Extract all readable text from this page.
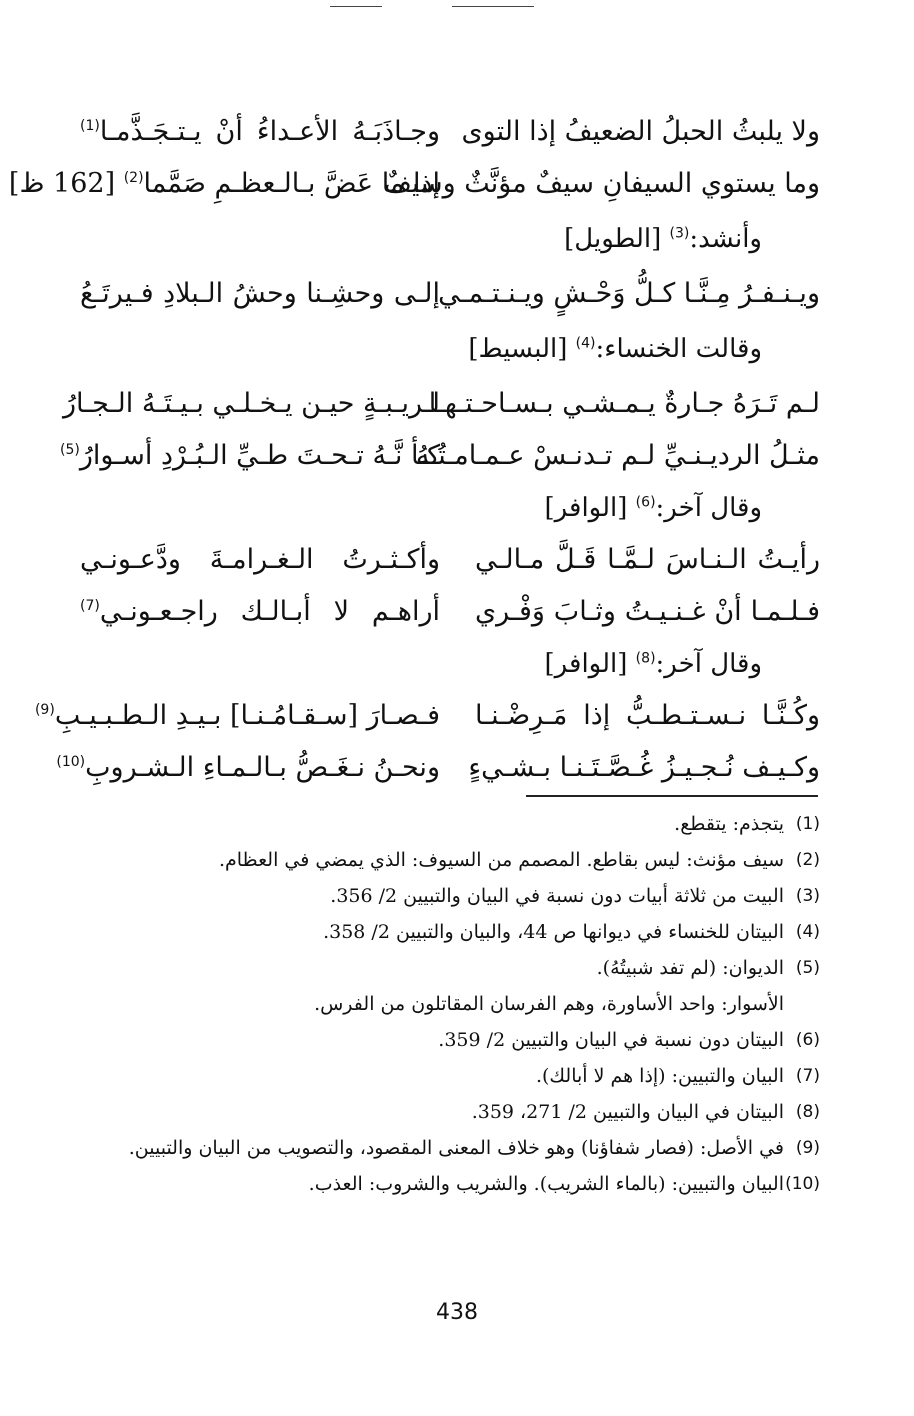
ولا يلبثُ الحبلُ الضعيفُ إذا التوى
وجـاذَبَـهُ الأعـداءُ أنْ يـتـجَـذَّمـا$^{(1)}$
وما يستوي السيفانِ سيفٌ مؤنَّثٌ وسيفٌ
إذا ما عَضَّ بـالـعظـمِ صَمَّما$^{(2)}$ [162 ظ]
وأنشد:$^{(3)}$ [الطويل]
ويـنـفـرُ مِـنَّـا كـلُّ وَحْـشٍ ويـنـتـمـي
إلـى وحشِـنا وحشُ الـبلادِ فـيرتَـعُ
وقالت الخنساء:$^{(4)}$ [البسيط]
لـم تَـرَهُ جـارةٌ يـمـشـي بـسـاحـتـهـا
لـريـبـةٍ حيـن يـخـلـي بـيـتَـهُ الـجـارُ
مثـلُ الرديـنـيِّ لـم تـدنـسْ عـمـامـتُـهُ
كـأ نَّـهُ تـحـتَ طـيِّ الـبُـرْدِ أسـوارُ$^{(5)}$
وقال آخر:$^{(6)}$ [الوافر]
رأيـتُ الـنـاسَ لـمَّـا قَـلَّ مـالـي
وأكـثـرتُ الـغـرامـةَ ودَّعـونـي
فـلـمـا أنْ غـنـيـتُ وثـابَ وَفْـري
أراهـم لا أبـالـك راجـعـونـي$^{(7)}$
وقال آخر:$^{(8)}$ [الوافر]
وكُـنَّـا نـسـتـطـبُّ إذا مَـرِضْـنـا
فـصـارَ [سـقـامُـنـا] بـيـدِ الـطـبـيـبِ$^{(9)}$
وكـيـف نُـجـيـزُ غُـصَّـتَـنـا بـشـيءٍ
ونحـنُ نـغَـصُّ بـالـمـاءِ الـشـروبِ$^{(10)}$
(1)
يتجذم: يتقطع.
(2)
سيف مؤنث: ليس بقاطع. المصمم من السيوف: الذي يمضي في العظام.
(3)
البيت من ثلاثة أبيات دون نسبة في البيان والتبيين 2/ 356.
(4)
البيتان للخنساء في ديوانها ص 44، والبيان والتبيين 2/ 358.
(5)
الديوان: (لم تفد شبيتُهُ).
الأسوار: واحد الأساورة، وهم الفرسان المقاتلون من الفرس.
(6)
البيتان دون نسبة في البيان والتبيين 2/ 359.
(7)
البيان والتبيين: (إذا هم لا أبالك).
(8)
البيتان في البيان والتبيين 2/ 271، 359.
(9)
في الأصل: (فصار شفاؤنا) وهو خلاف المعنى المقصود، والتصويب من البيان والتبيين.
(10)
البيان والتبيين: (بالماء الشريب). والشريب والشروب: العذب.
438
